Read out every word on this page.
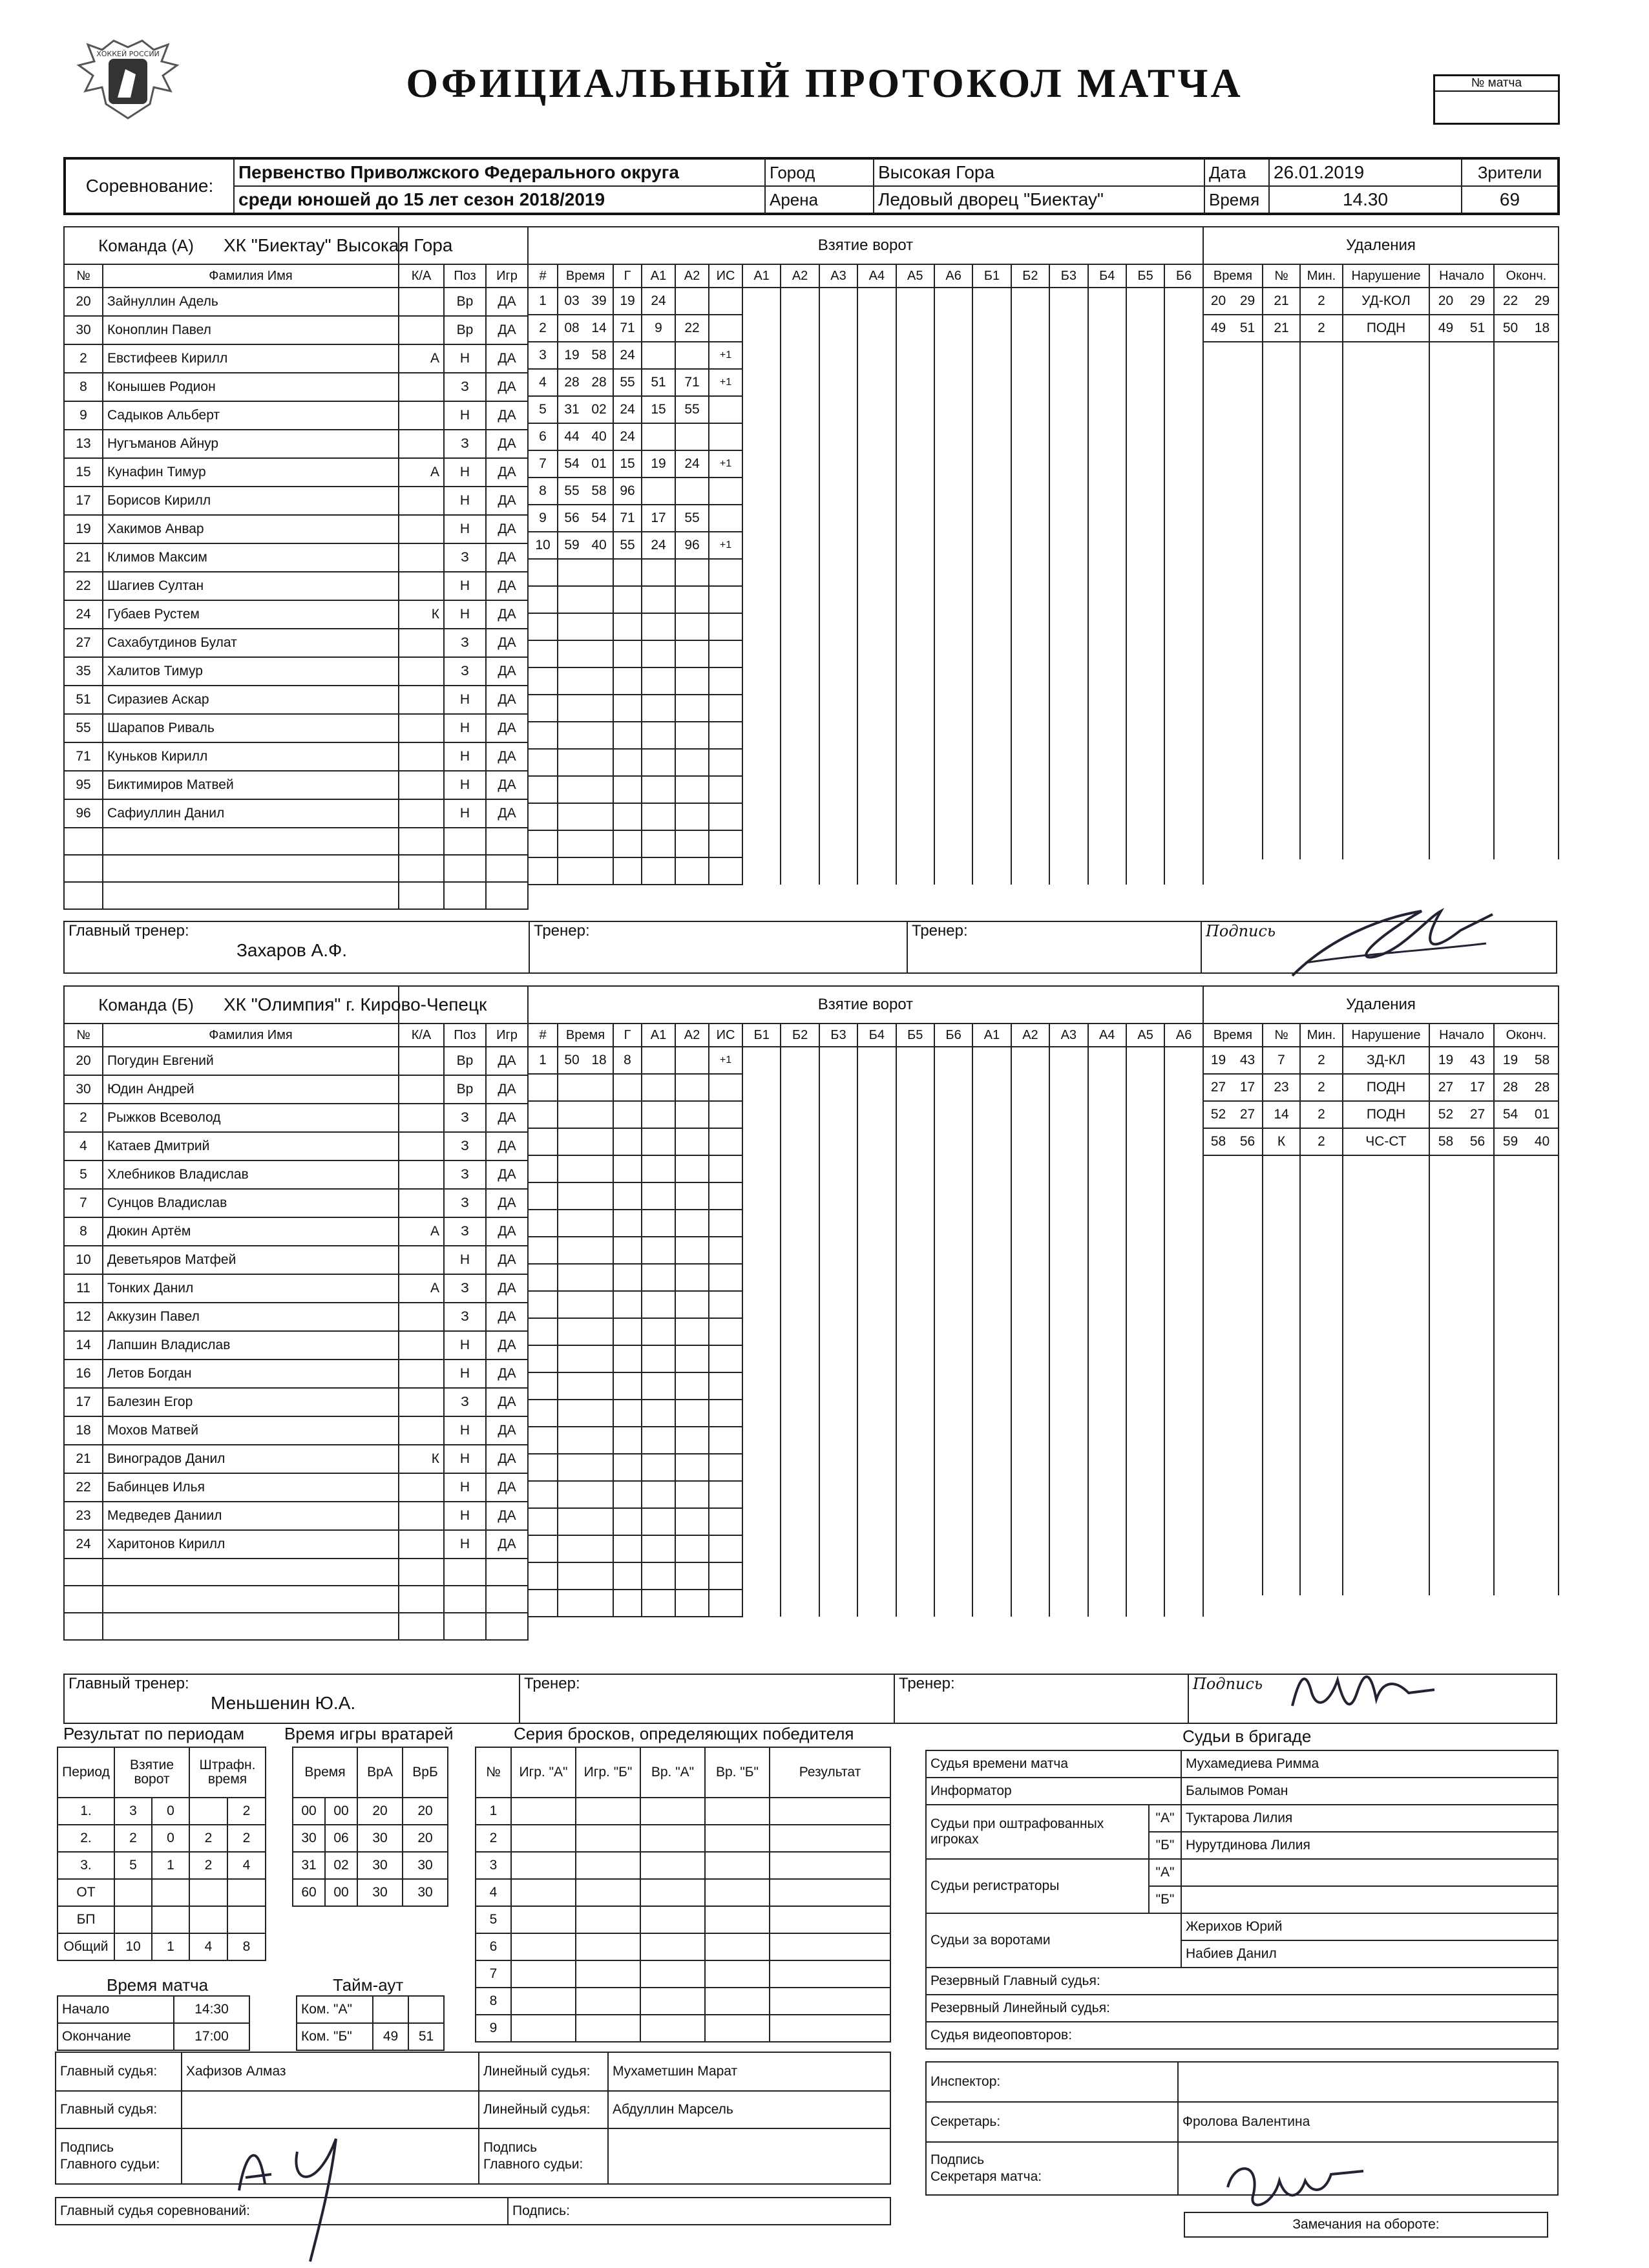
ХОККЕЙ РОССИИ
ОФИЦИАЛЬНЫЙ ПРОТОКОЛ МАТЧА	№ матча
Соревнование:	Первенство Приволжского Федерального округа	Город	Высокая Гора	Дата	26.01.2019	Зрители
	среди юношей до 15 лет сезон 2018/2019	Арена	Ледовый дворец "Биектау"	Время	14.30	69
Команда (А) ХК "Биектау" Высокая Гора				
№	Фамилия Имя	К/А	Поз	Игр
20	Зайнуллин Адель		Вр	ДА
30	Коноплин Павел		Вр	ДА
2	Евстифеев Кирилл	А	Н	ДА
8	Конышев Родион		З	ДА
9	Садыков Альберт		Н	ДА
13	Нугъманов Айнур		З	ДА
15	Кунафин Тимур	А	Н	ДА
17	Борисов Кирилл		Н	ДА
19	Хакимов Анвар		Н	ДА
21	Климов Максим		З	ДА
22	Шагиев Султан		Н	ДА
24	Губаев Рустем	К	Н	ДА
27	Сахабутдинов Булат		З	ДА
35	Халитов Тимур		З	ДА
51	Сиразиев Аскар		Н	ДА
55	Шарапов Риваль		Н	ДА
71	Куньков Кирилл		Н	ДА
95	Биктимиров Матвей		Н	ДА
96	Сафиуллин Данил		Н	ДА

Взятие ворот																	
#	Время	Г	А1	А2	ИС	А1	А2	А3	А4	А5	А6	Б1	Б2	Б3	Б4	Б5	Б6
1	03 39	19	24														
2	08 14	71	9	22													
3	19 58	24			+1												
4	28 28	55	51	71	+1												
5	31 02	24	15	55													
6	44 40	24															
7	54 01	15	19	24	+1												
8	55 58	96															
9	56 54	71	17	55													
10	59 40	55	24	96	+1												

Удаления					
Время	№	Мин.	Нарушение	Начало	Оконч.
20 29	21	2	УД-КОЛ	20 29	22 29
49 51	21	2	ПОДН	49 51	50 18

Команда (Б) ХК "Олимпия" г. Кирово-Чепецк				
№	Фамилия Имя	К/А	Поз	Игр
20	Погудин Евгений		Вр	ДА
30	Юдин Андрей		Вр	ДА
2	Рыжков Всеволод		З	ДА
4	Катаев Дмитрий		З	ДА
5	Хлебников Владислав		З	ДА
7	Сунцов Владислав		З	ДА
8	Дюкин Артём	А	З	ДА
10	Деветьяров Матфей		Н	ДА
11	Тонких Данил	А	З	ДА
12	Аккузин Павел		З	ДА
14	Лапшин Владислав		Н	ДА
16	Летов Богдан		Н	ДА
17	Балезин Егор		З	ДА
18	Мохов Матвей		Н	ДА
21	Виноградов Данил	К	Н	ДА
22	Бабинцев Илья		Н	ДА
23	Медведев Даниил		Н	ДА
24	Харитонов Кирилл		Н	ДА

Взятие ворот																	
#	Время	Г	А1	А2	ИС	Б1	Б2	Б3	Б4	Б5	Б6	А1	А2	А3	А4	А5	А6
1	50 18	8			+1												

Удаления					
Время	№	Мин.	Нарушение	Начало	Оконч.
19 43	7	2	ЗД-КЛ	19 43	19 58
27 17	23	2	ПОДН	27 17	28 28
52 27	14	2	ПОДН	52 27	54 01
58 56	К	2	ЧС-СТ	58 56	59 40

Главный тренер:
Захаров А.Ф.

Тренер:	Тренер:	Подпись
Главный тренер:
Меньшенин Ю.А.

Тренер:	Тренер:	Подпись
Результат по периодам
Период	Взятие ворот		Штрафн. время	
1.	3	0		2
2.	2	0	2	2
3.	5	1	2	4
ОТ				
БП				
Общий	10	1	4	8
Время игры вратарей
Время		ВрА	ВрБ
00	00	20	20
30	06	30	20
31	02	30	30
60	00	30	30
Серия бросков, определяющих победителя
№	Игр. "А"	Игр. "Б"	Вр. "А"	Вр. "Б"	Результат
1					
2					
3					
4					
5					
6					
7					
8					
9					
Время матча
Начало	14:30
Окончание	17:00
Тайм-аут
Ком. "А"		
Ком. "Б"	49	51
Судьи в бригаде
Судья времени матча		Мухамедиева Римма
Информатор		Балымов Роман
Судьи при оштрафованных игроках	"А"	Туктарова Лилия
	"Б"	Нурутдинова Лилия
Судьи регистраторы	"А"	
	"Б"	
Судьи за воротами		Жерихов Юрий
		Набиев Данил
Резервный Главный судья:		
Резервный Линейный судья:		
Судья видеоповторов:		
Главный судья:	Хафизов Алмаз	Линейный судья:	Мухаметшин Марат
Главный судья:		Линейный судья:	Абдуллин Марсель
Подпись
Главного судьи:		Подпись
Главного судьи:	
Главный судья соревнований:	Подпись:
Инспектор:	
Секретарь:	Фролова Валентина
Подпись
Секретаря матча:	
Замечания на обороте:
